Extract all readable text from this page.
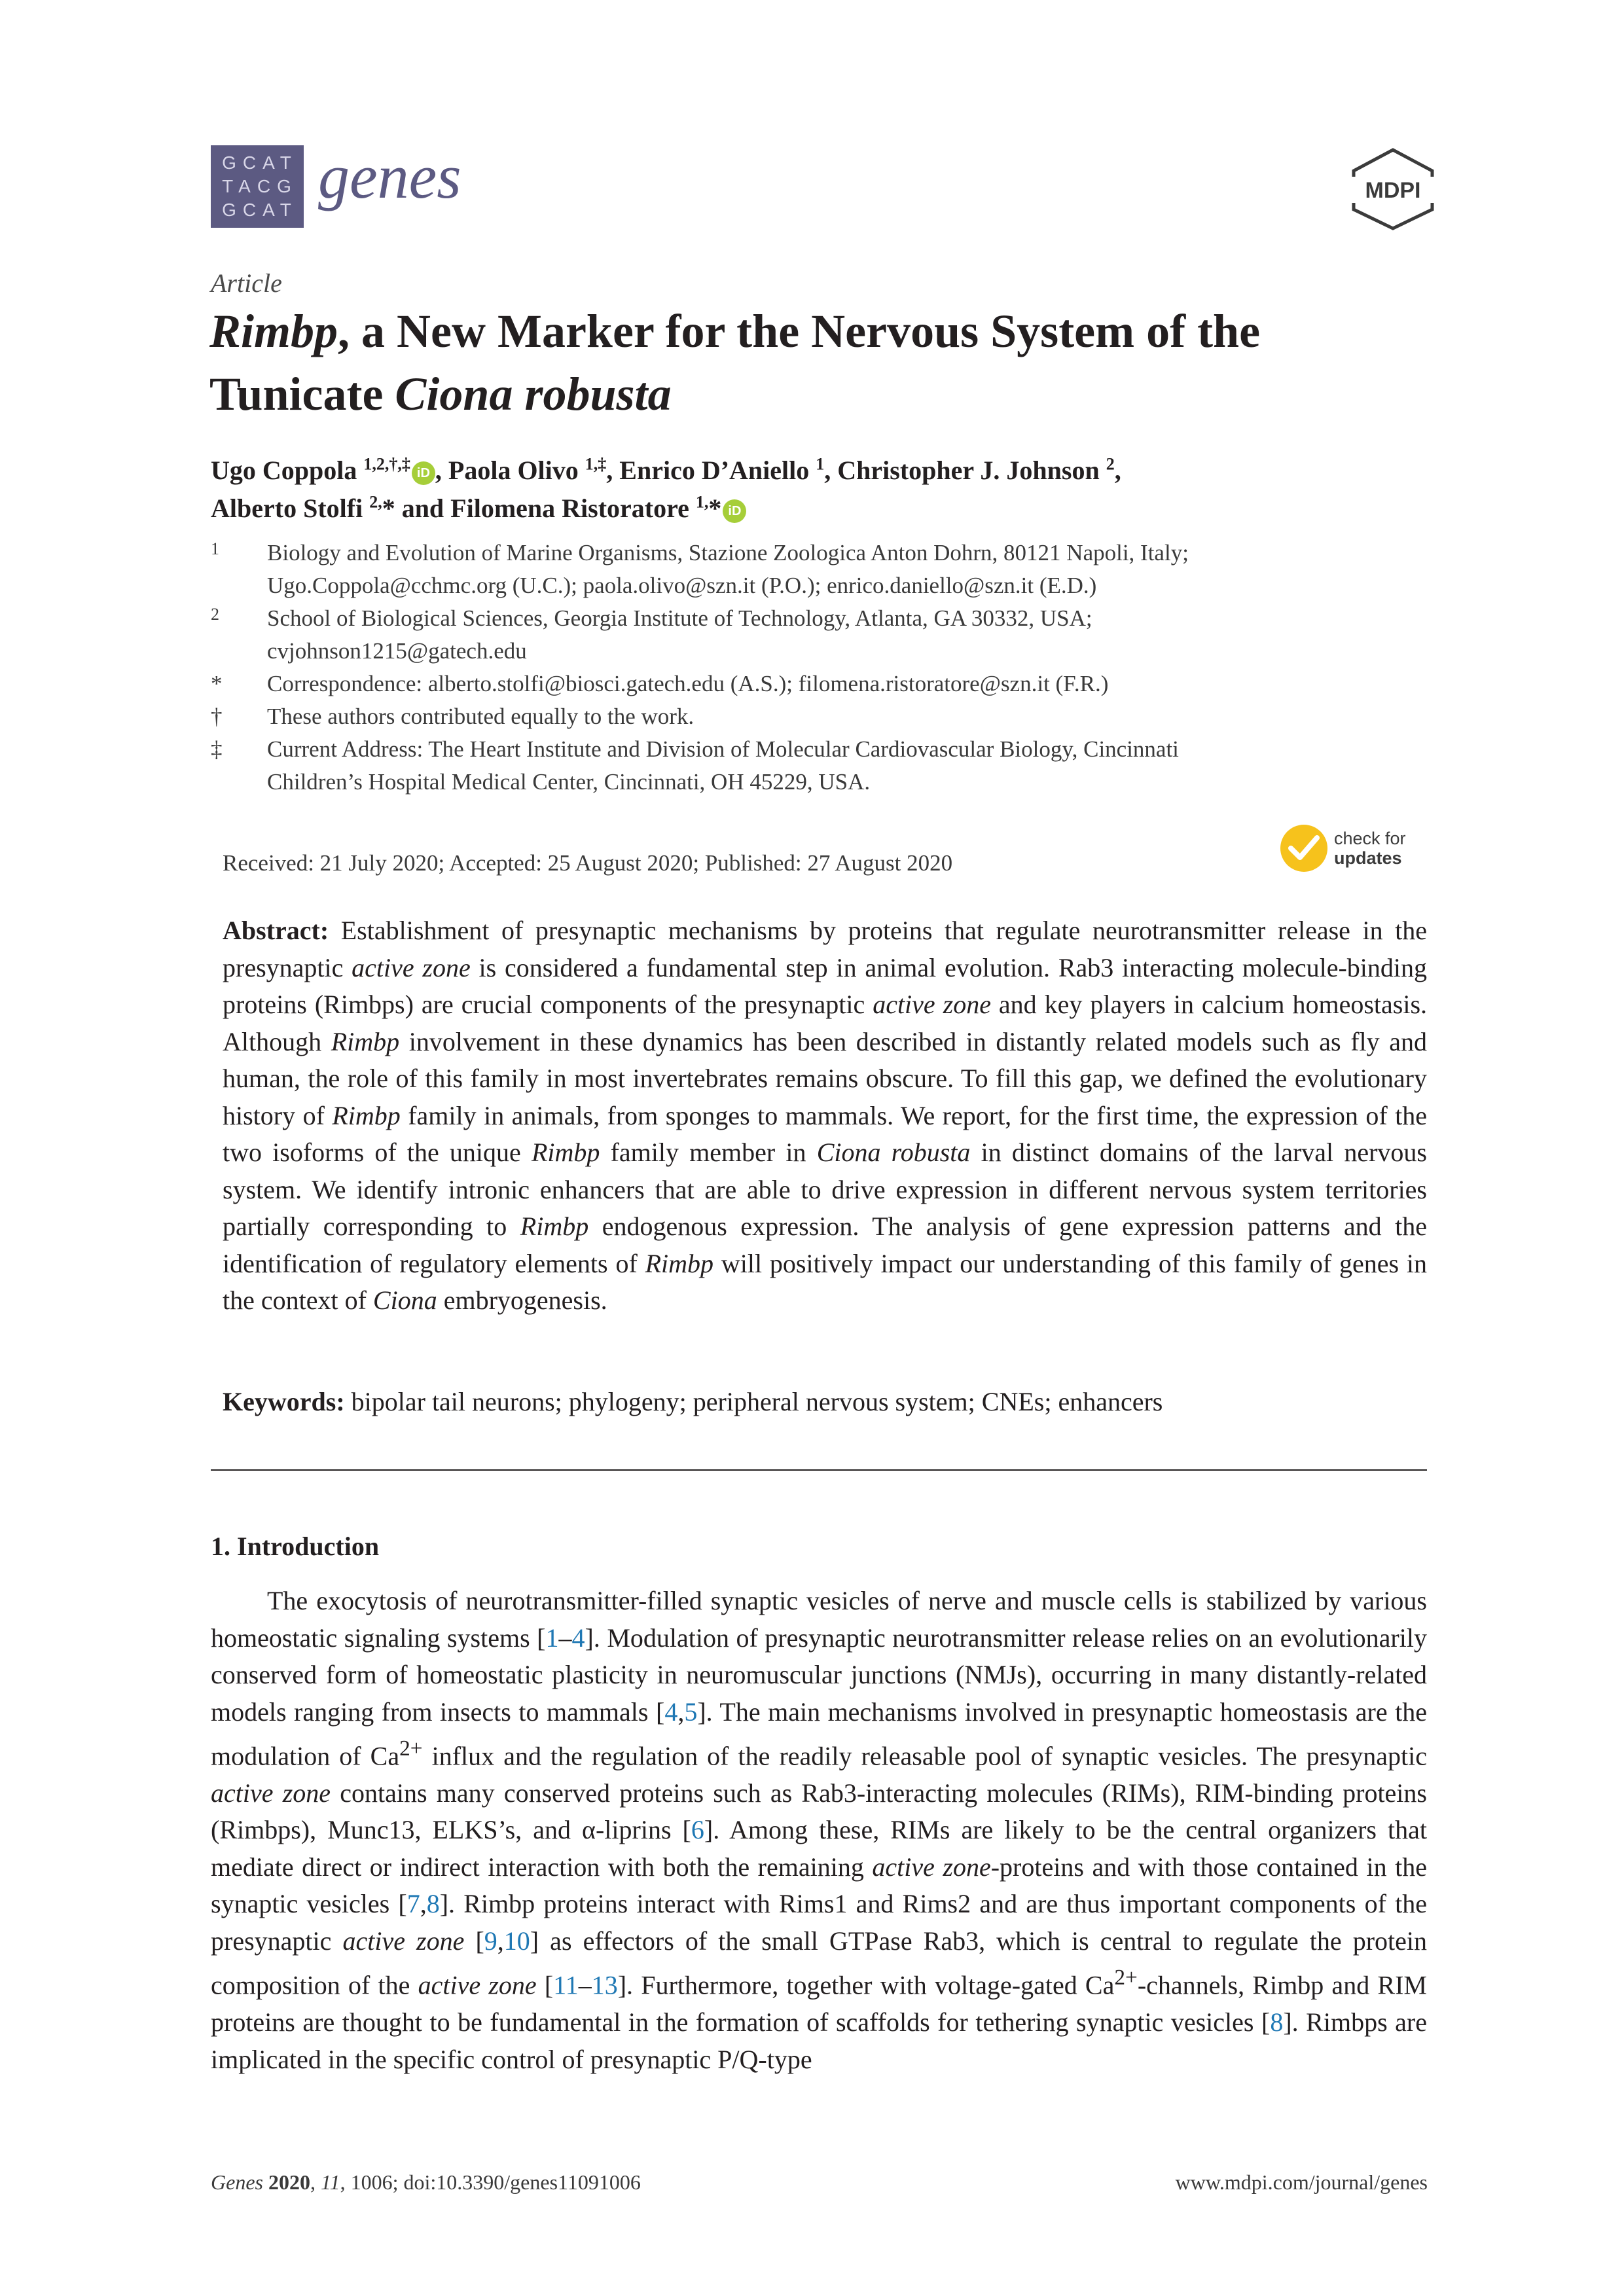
GCAT
TACG
GCAT genes	MDPI
Article
Rimbp, a New Marker for the Nervous System of the
Tunicate Ciona robusta
Ugo Coppola $^{1,2,\dagger,\ddagger}$ iD , Paola Olivo $^{1,\ddagger}$, Enrico D’Aniello $^1$, Christopher J. Johnson $^2$,
Alberto Stolfi $^{2,}$* and Filomena Ristoratore $^{1,}$* iD
1	Biology and Evolution of Marine Organisms, Stazione Zoologica Anton Dohrn, 80121 Napoli, Italy;
Ugo.Coppola@cchmc.org (U.C.); paola.olivo@szn.it (P.O.); enrico.daniello@szn.it (E.D.)
2	School of Biological Sciences, Georgia Institute of Technology, Atlanta, GA 30332, USA;
cvjohnson1215@gatech.edu
*	Correspondence: alberto.stolfi@biosci.gatech.edu (A.S.); filomena.ristoratore@szn.it (F.R.)
†	These authors contributed equally to the work.
‡	Current Address: The Heart Institute and Division of Molecular Cardiovascular Biology, Cincinnati
Children’s Hospital Medical Center, Cincinnati, OH 45229, USA.
Received: 21 July 2020; Accepted: 25 August 2020; Published: 27 August 2020
check for
updates
Abstract: Establishment of presynaptic mechanisms by proteins that regulate neurotransmitter release in the presynaptic active zone is considered a fundamental step in animal evolution. Rab3 interacting molecule-binding proteins (Rimbps) are crucial components of the presynaptic active zone and key players in calcium homeostasis. Although Rimbp involvement in these dynamics has been described in distantly related models such as fly and human, the role of this family in most invertebrates remains obscure. To fill this gap, we defined the evolutionary history of Rimbp family in animals, from sponges to mammals. We report, for the first time, the expression of the two isoforms of the unique Rimbp family member in Ciona robusta in distinct domains of the larval nervous system. We identify intronic enhancers that are able to drive expression in different nervous system territories partially corresponding to Rimbp endogenous expression. The analysis of gene expression patterns and the identification of regulatory elements of Rimbp will positively impact our understanding of this family of genes in the context of Ciona embryogenesis.
Keywords: bipolar tail neurons; phylogeny; peripheral nervous system; CNEs; enhancers
1. Introduction
The exocytosis of neurotransmitter-filled synaptic vesicles of nerve and muscle cells is stabilized by various homeostatic signaling systems [1–4]. Modulation of presynaptic neurotransmitter release relies on an evolutionarily conserved form of homeostatic plasticity in neuromuscular junctions (NMJs), occurring in many distantly-related models ranging from insects to mammals [4,5]. The main mechanisms involved in presynaptic homeostasis are the modulation of $Ca^{2+}$ influx and the regulation of the readily releasable pool of synaptic vesicles. The presynaptic active zone contains many conserved proteins such as Rab3-interacting molecules (RIMs), RIM-binding proteins (Rimbps), Munc13, ELKS’s, and α-liprins [6]. Among these, RIMs are likely to be the central organizers that mediate direct or indirect interaction with both the remaining active zone-proteins and with those contained in the synaptic vesicles [7,8]. Rimbp proteins interact with Rims1 and Rims2 and are thus important components of the presynaptic active zone [9,10] as effectors of the small GTPase Rab3, which is central to regulate the protein composition of the active zone [11–13]. Furthermore, together with voltage-gated $Ca^{2+}$-channels, Rimbp and RIM proteins are thought to be fundamental in the formation of scaffolds for tethering synaptic vesicles [8]. Rimbps are implicated in the specific control of presynaptic P/Q-type
Genes 2020, 11, 1006; doi:10.3390/genes11091006	www.mdpi.com/journal/genes
